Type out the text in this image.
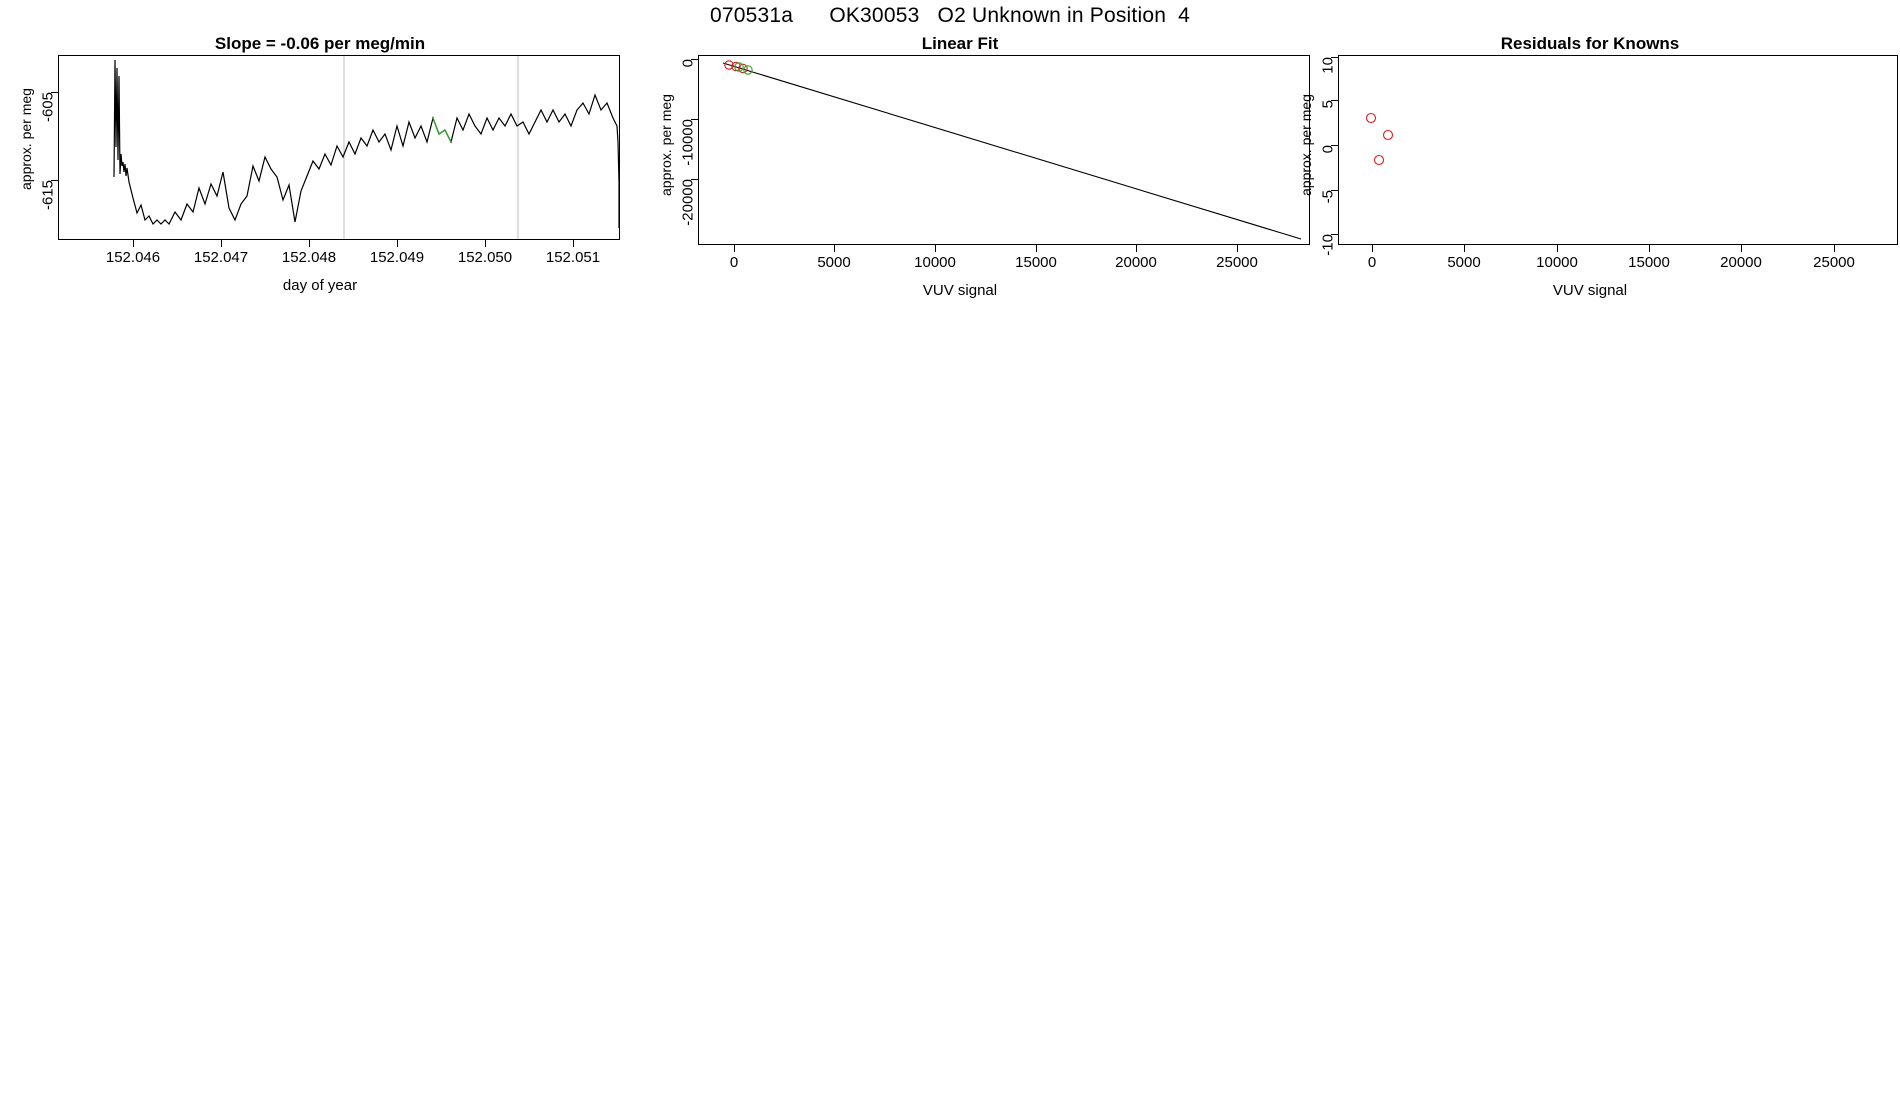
070531a      OK30053   O2 Unknown in Position  4
Slope = -0.06 per meg/min
-605
-615
approx. per meg
152.046	152.047	152.048	152.049	152.050	152.051
day of year
Linear Fit
0
-10000
-20000
approx. per meg
0	5000	10000	15000	20000	25000
VUV signal
Residuals for Knowns
10
5
0
-5
-10
approx. per meg
0	5000	10000	15000	20000	25000
VUV signal
